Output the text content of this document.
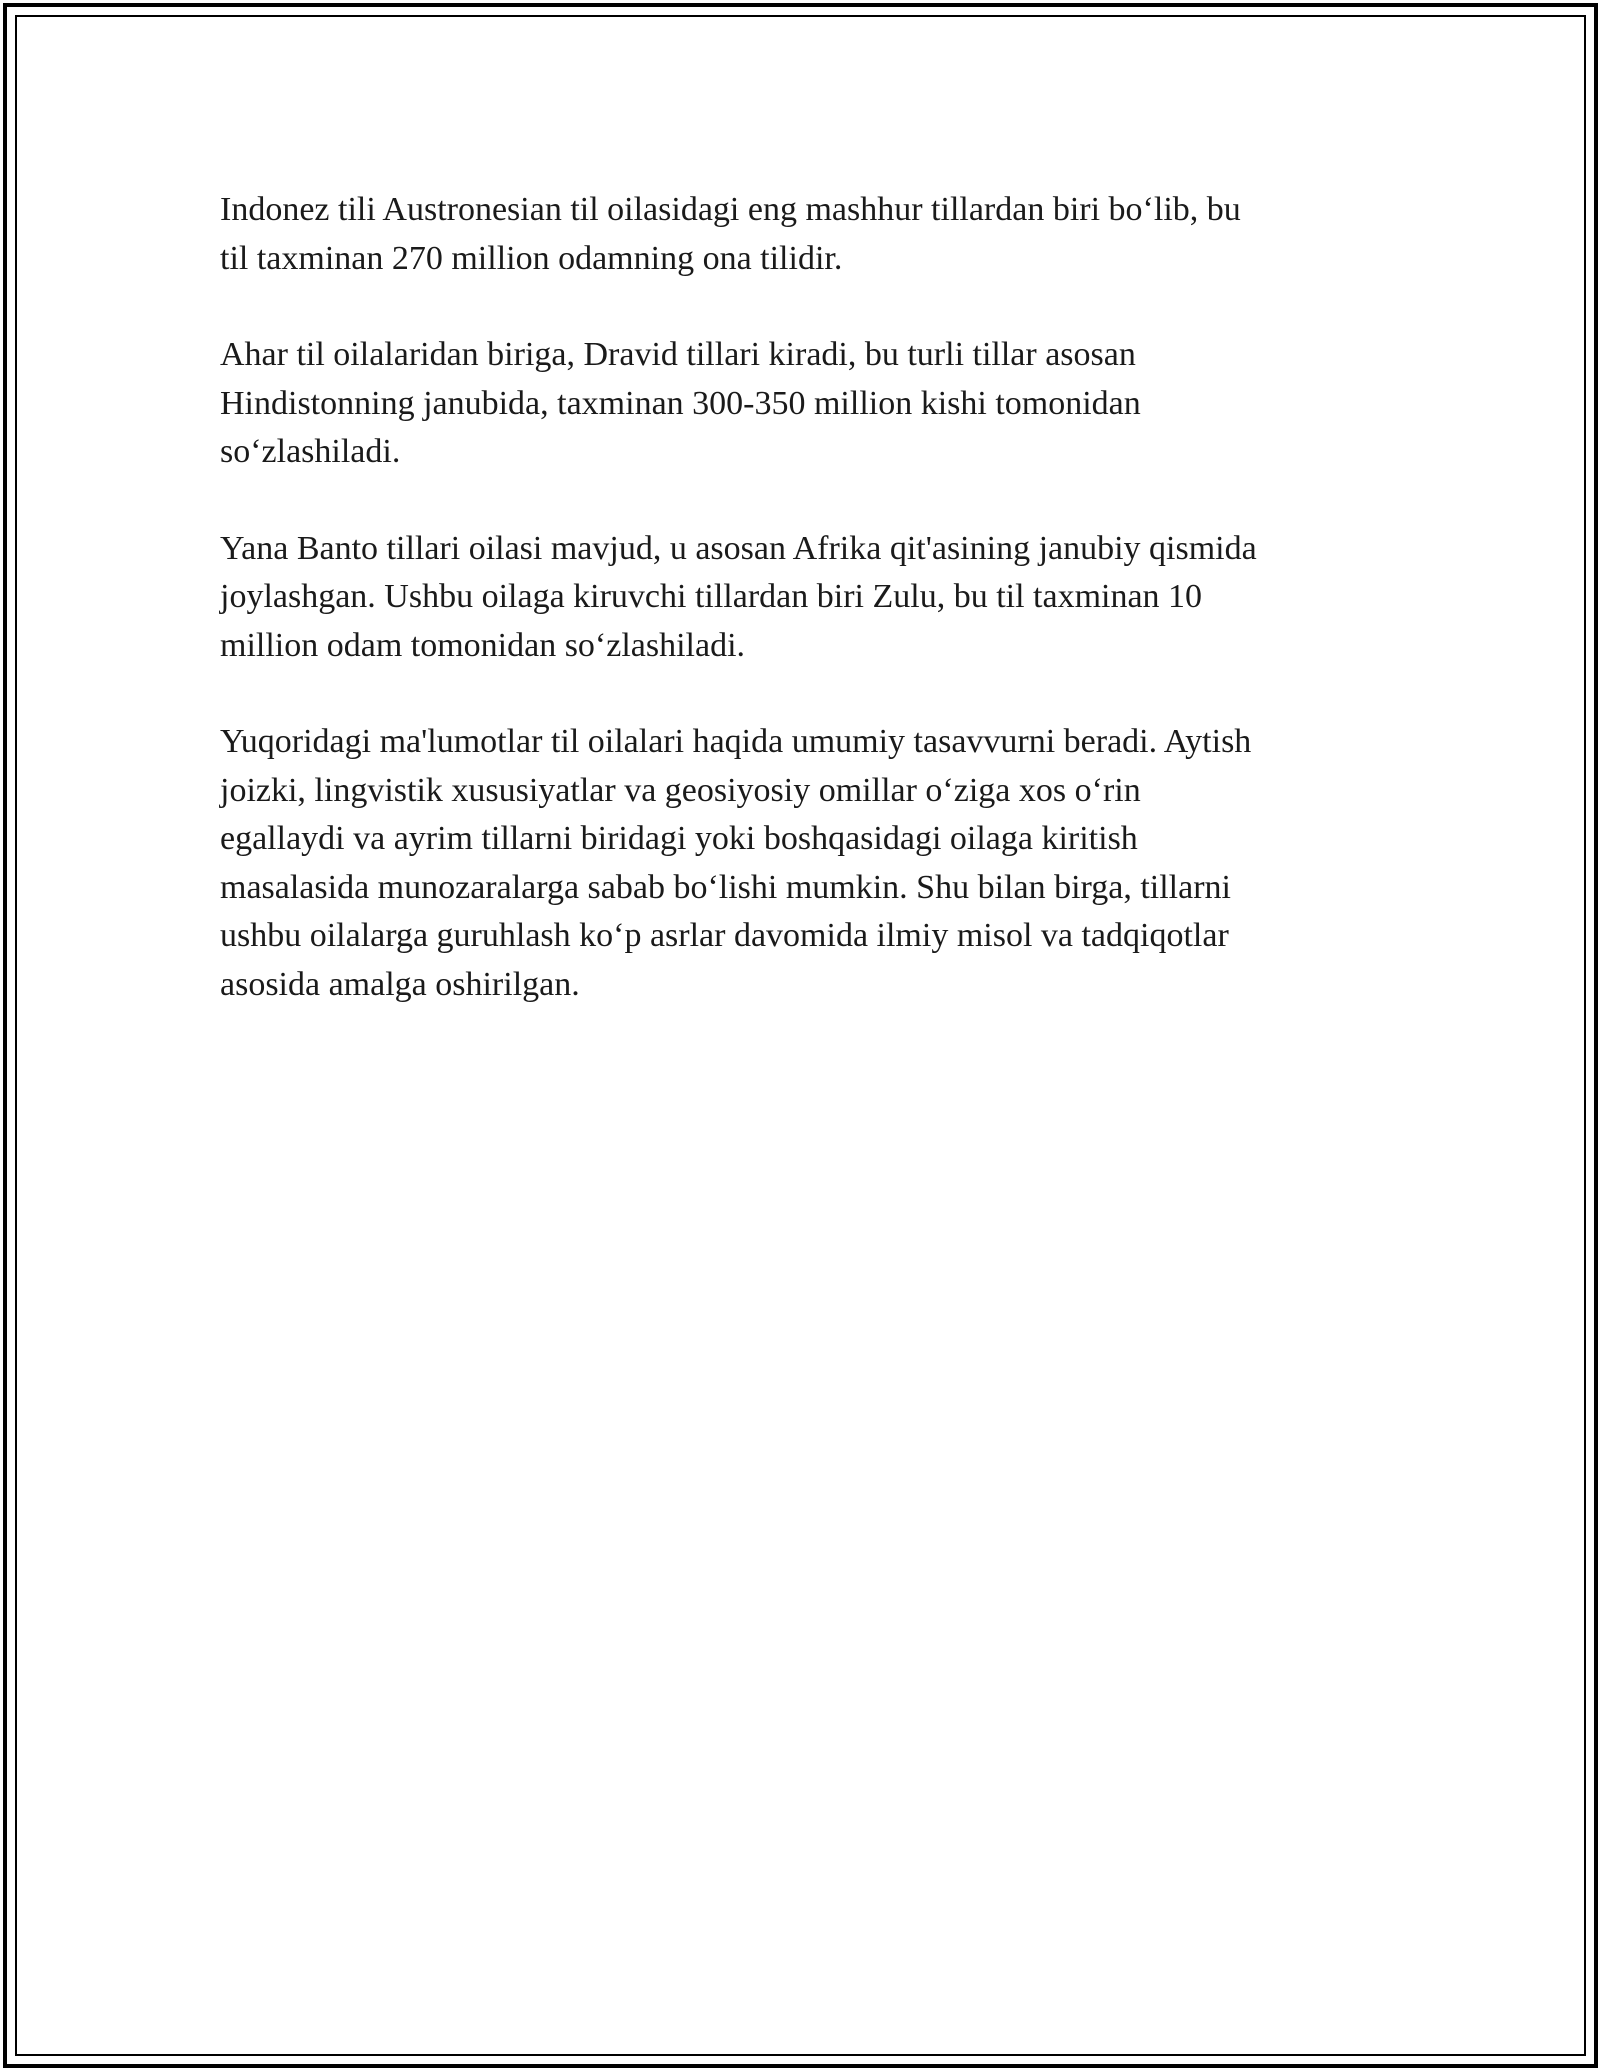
Indonez tili Austronesian til oilasidagi eng mashhur tillardan biri bo‘lib, bu
til taxminan 270 million odamning ona tilidir.

Ahar til oilalaridan biriga, Dravid tillari kiradi, bu turli tillar asosan
Hindistonning janubida, taxminan 300-350 million kishi tomonidan
so‘zlashiladi.

Yana Banto tillari oilasi mavjud, u asosan Afrika qit'asining janubiy qismida
joylashgan. Ushbu oilaga kiruvchi tillardan biri Zulu, bu til taxminan 10
million odam tomonidan so‘zlashiladi.

Yuqoridagi ma'lumotlar til oilalari haqida umumiy tasavvurni beradi. Aytish
joizki, lingvistik xususiyatlar va geosiyosiy omillar o‘ziga xos o‘rin
egallaydi va ayrim tillarni biridagi yoki boshqasidagi oilaga kiritish
masalasida munozaralarga sabab bo‘lishi mumkin. Shu bilan birga, tillarni
ushbu oilalarga guruhlash ko‘p asrlar davomida ilmiy misol va tadqiqotlar
asosida amalga oshirilgan.
